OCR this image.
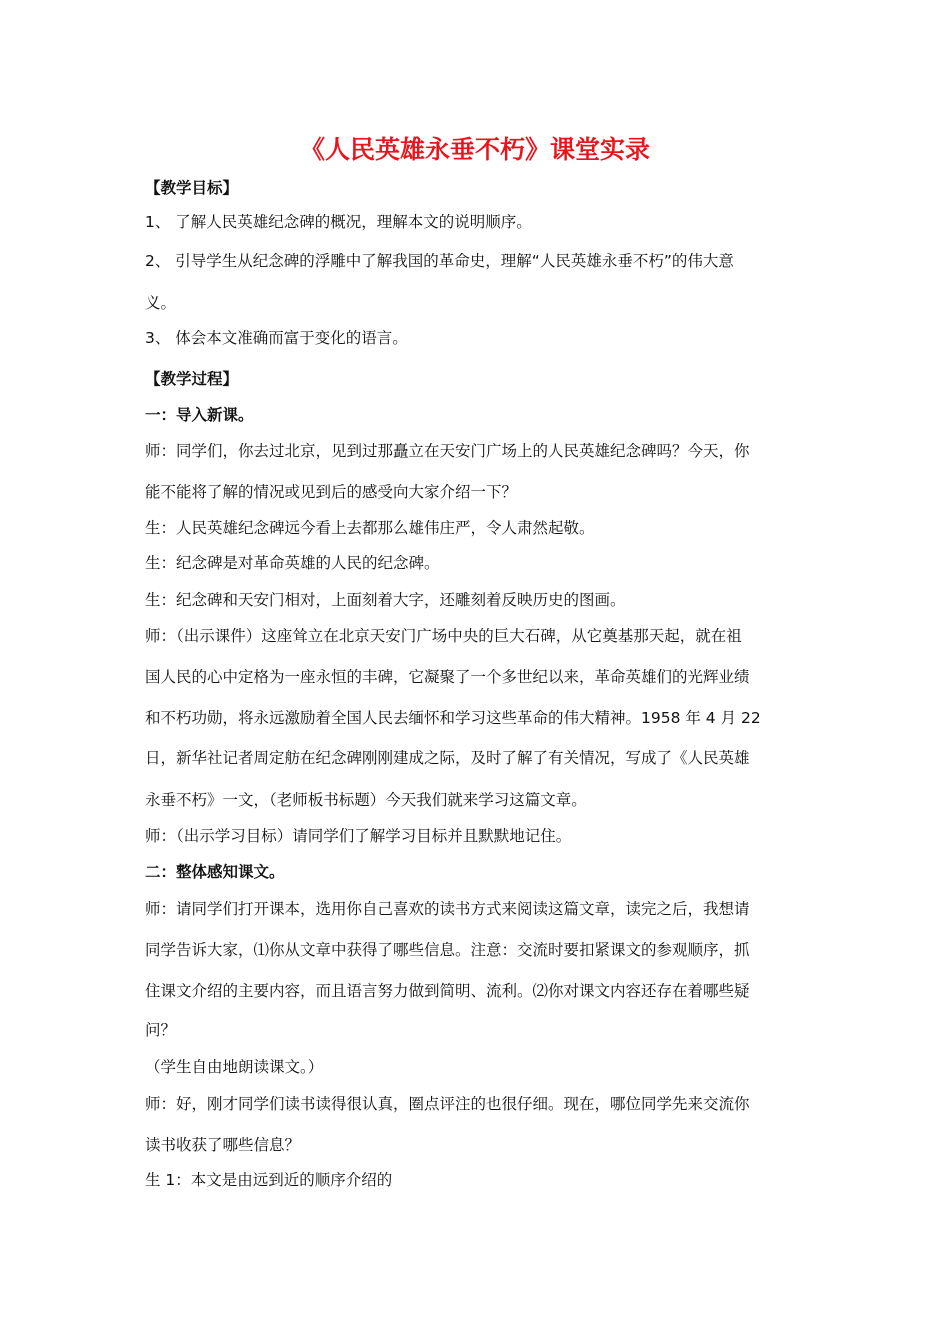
《人民英雄永垂不朽》课堂实录
【教学目标】
1、 了解人民英雄纪念碑的概况，理解本文的说明顺序。
2、 引导学生从纪念碑的浮雕中了解我国的革命史，理解“人民英雄永垂不朽”的伟大意
义。
3、 体会本文准确而富于变化的语言。
【教学过程】
一：导入新课。
师：同学们，你去过北京，见到过那矗立在天安门广场上的人民英雄纪念碑吗？今天，你
能不能将了解的情况或见到后的感受向大家介绍一下？
生：人民英雄纪念碑远今看上去都那么雄伟庄严，令人肃然起敬。
生：纪念碑是对革命英雄的人民的纪念碑。
生：纪念碑和天安门相对，上面刻着大字，还雕刻着反映历史的图画。
师：（出示课件）这座耸立在北京天安门广场中央的巨大石碑，从它奠基那天起，就在祖
国人民的心中定格为一座永恒的丰碑，它凝聚了一个多世纪以来，革命英雄们的光辉业绩
和不朽功勋，将永远激励着全国人民去缅怀和学习这些革命的伟大精神。1958 年 4 月 22
日，新华社记者周定舫在纪念碑刚刚建成之际，及时了解了有关情况，写成了《人民英雄
永垂不朽》一文，（老师板书标题）今天我们就来学习这篇文章。
师：（出示学习目标）请同学们了解学习目标并且默默地记住。
二：整体感知课文。
师：请同学们打开课本，选用你自己喜欢的读书方式来阅读这篇文章，读完之后，我想请
同学告诉大家，⑴你从文章中获得了哪些信息。注意：交流时要扣紧课文的参观顺序，抓
住课文介绍的主要内容，而且语言努力做到简明、流利。⑵你对课文内容还存在着哪些疑
问？
（学生自由地朗读课文。）
师：好，刚才同学们读书读得很认真，圈点评注的也很仔细。现在，哪位同学先来交流你
读书收获了哪些信息？
生 1：本文是由远到近的顺序介绍的
